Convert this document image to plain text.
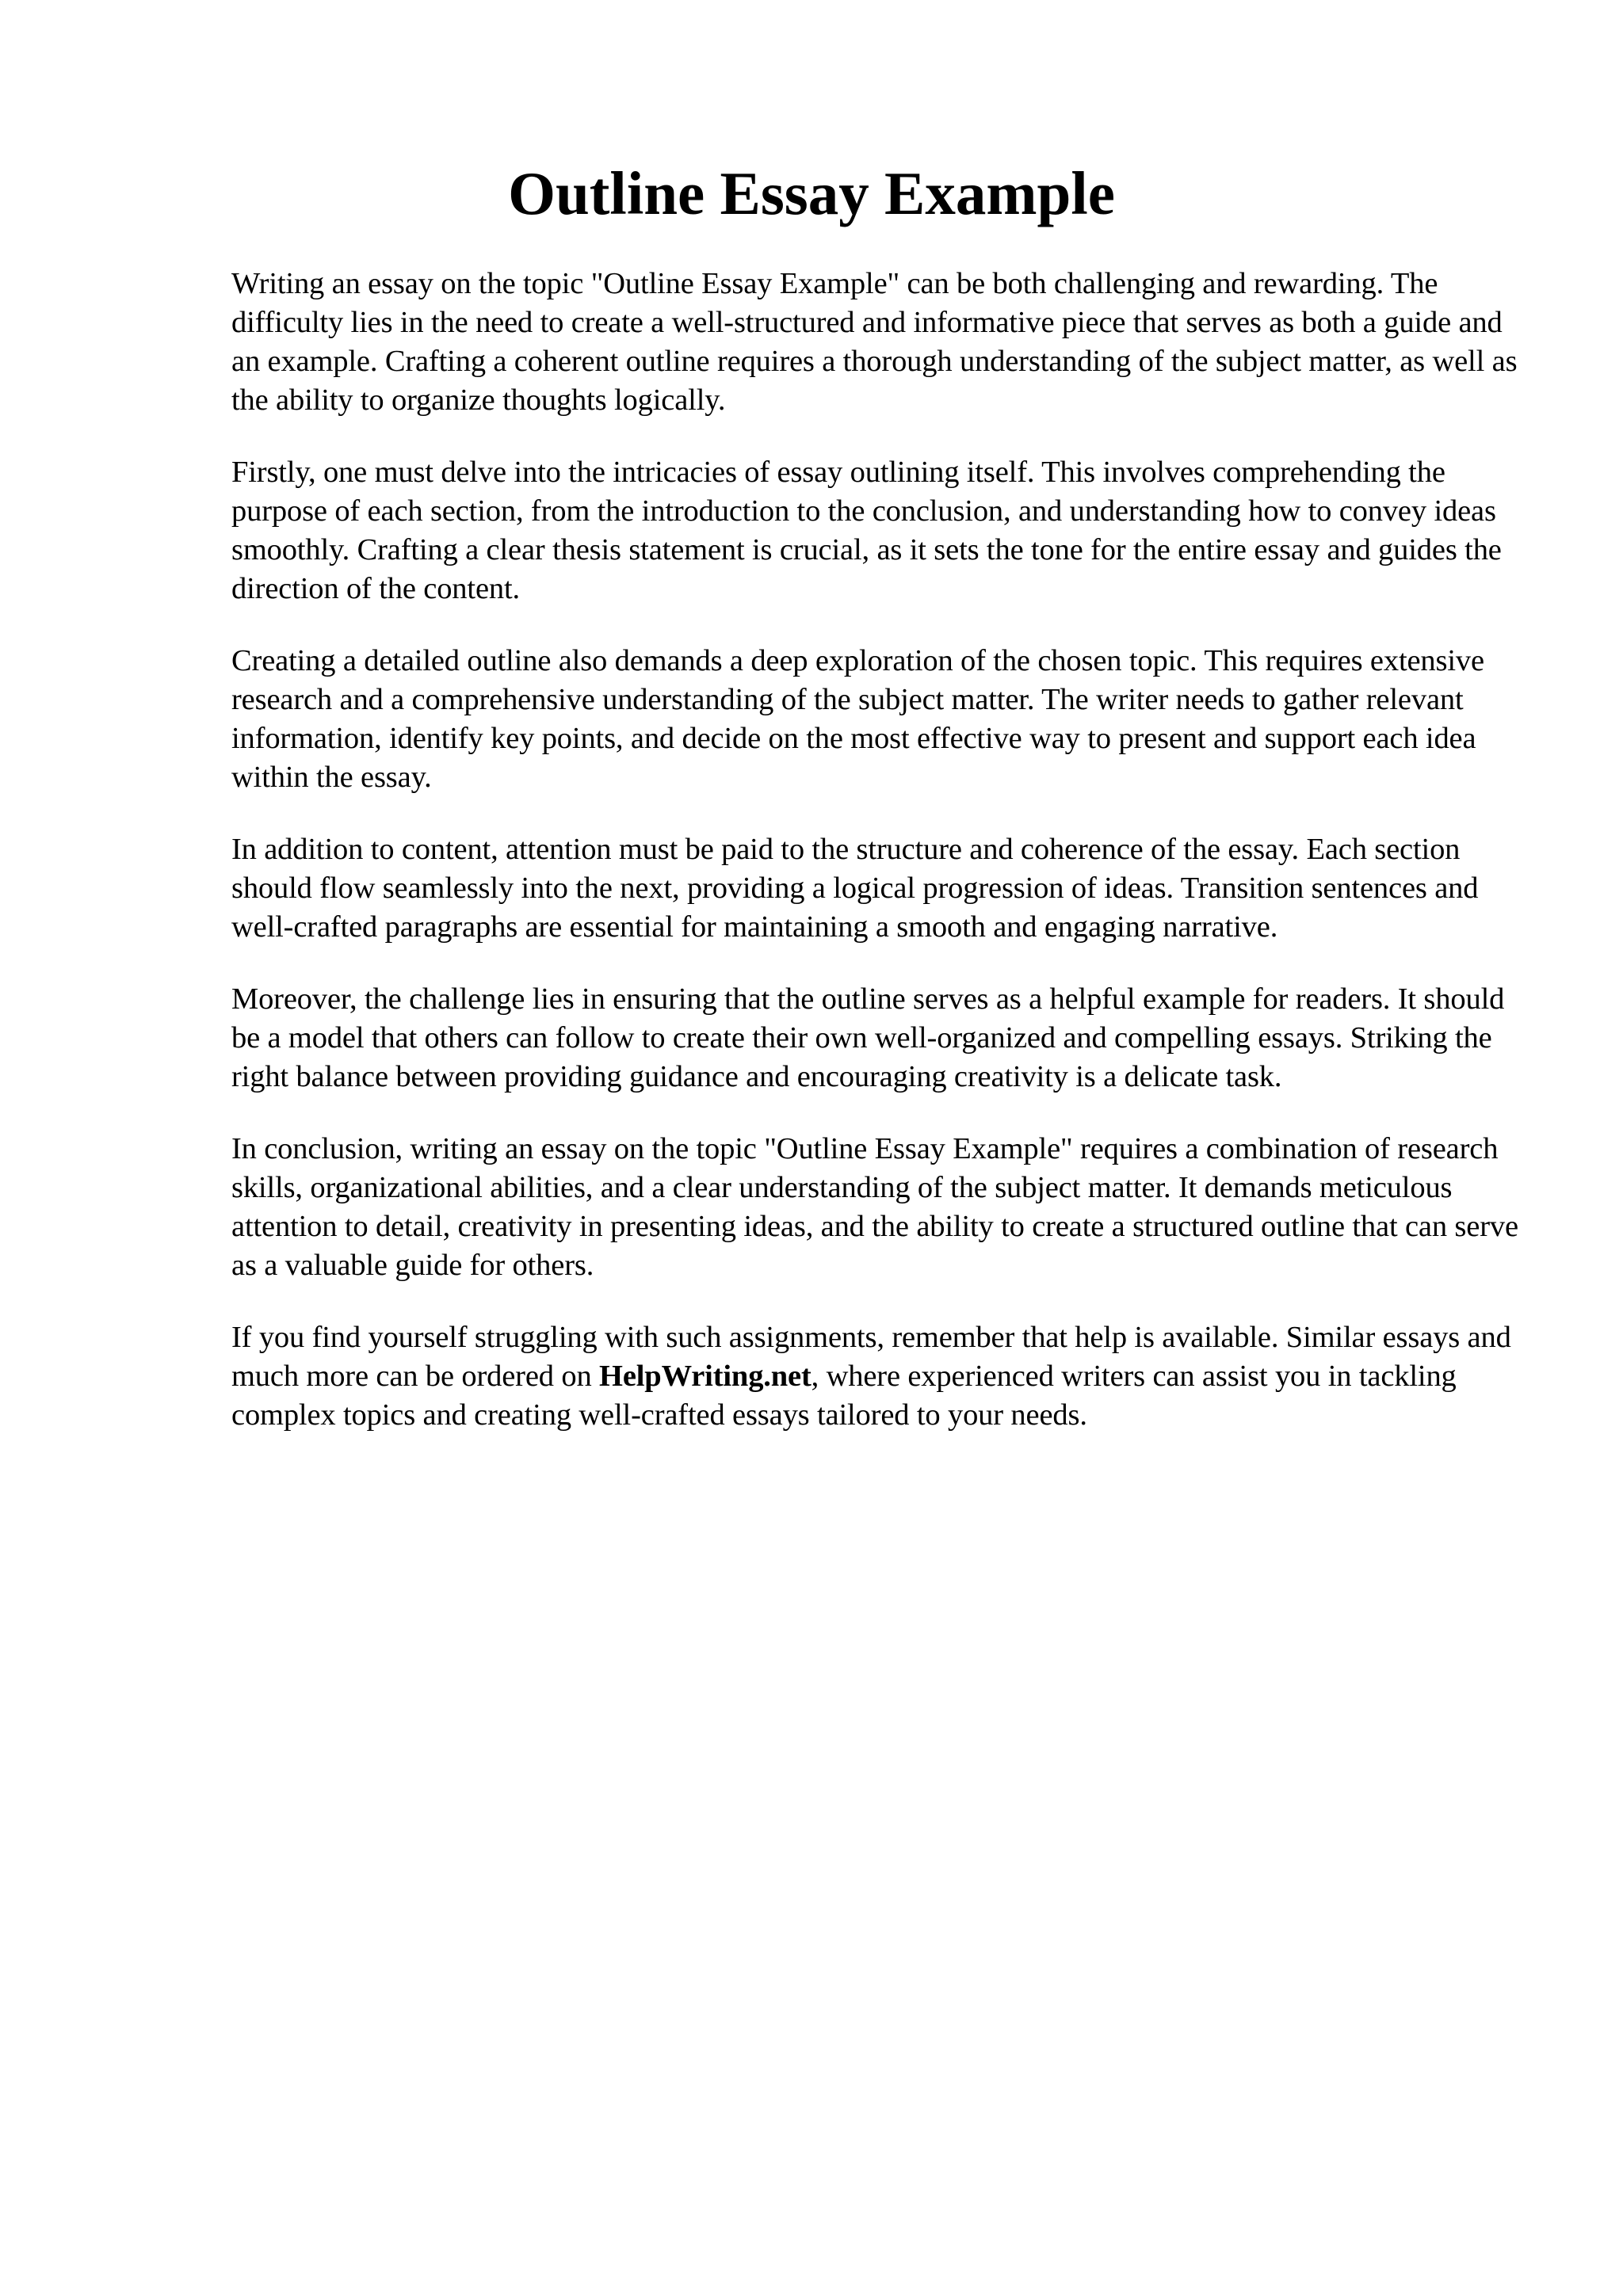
Outline Essay Example

Writing an essay on the topic "Outline Essay Example" can be both challenging and rewarding. The difficulty lies in the need to create a well-structured and informative piece that serves as both a guide and an example. Crafting a coherent outline requires a thorough understanding of the subject matter, as well as the ability to organize thoughts logically.

Firstly, one must delve into the intricacies of essay outlining itself. This involves comprehending the purpose of each section, from the introduction to the conclusion, and understanding how to convey ideas smoothly. Crafting a clear thesis statement is crucial, as it sets the tone for the entire essay and guides the direction of the content.

Creating a detailed outline also demands a deep exploration of the chosen topic. This requires extensive research and a comprehensive understanding of the subject matter. The writer needs to gather relevant information, identify key points, and decide on the most effective way to present and support each idea within the essay.

In addition to content, attention must be paid to the structure and coherence of the essay. Each section should flow seamlessly into the next, providing a logical progression of ideas. Transition sentences and well-crafted paragraphs are essential for maintaining a smooth and engaging narrative.

Moreover, the challenge lies in ensuring that the outline serves as a helpful example for readers. It should be a model that others can follow to create their own well-organized and compelling essays. Striking the right balance between providing guidance and encouraging creativity is a delicate task.

In conclusion, writing an essay on the topic "Outline Essay Example" requires a combination of research skills, organizational abilities, and a clear understanding of the subject matter. It demands meticulous attention to detail, creativity in presenting ideas, and the ability to create a structured outline that can serve as a valuable guide for others.

If you find yourself struggling with such assignments, remember that help is available. Similar essays and much more can be ordered on HelpWriting.net, where experienced writers can assist you in tackling complex topics and creating well-crafted essays tailored to your needs.
